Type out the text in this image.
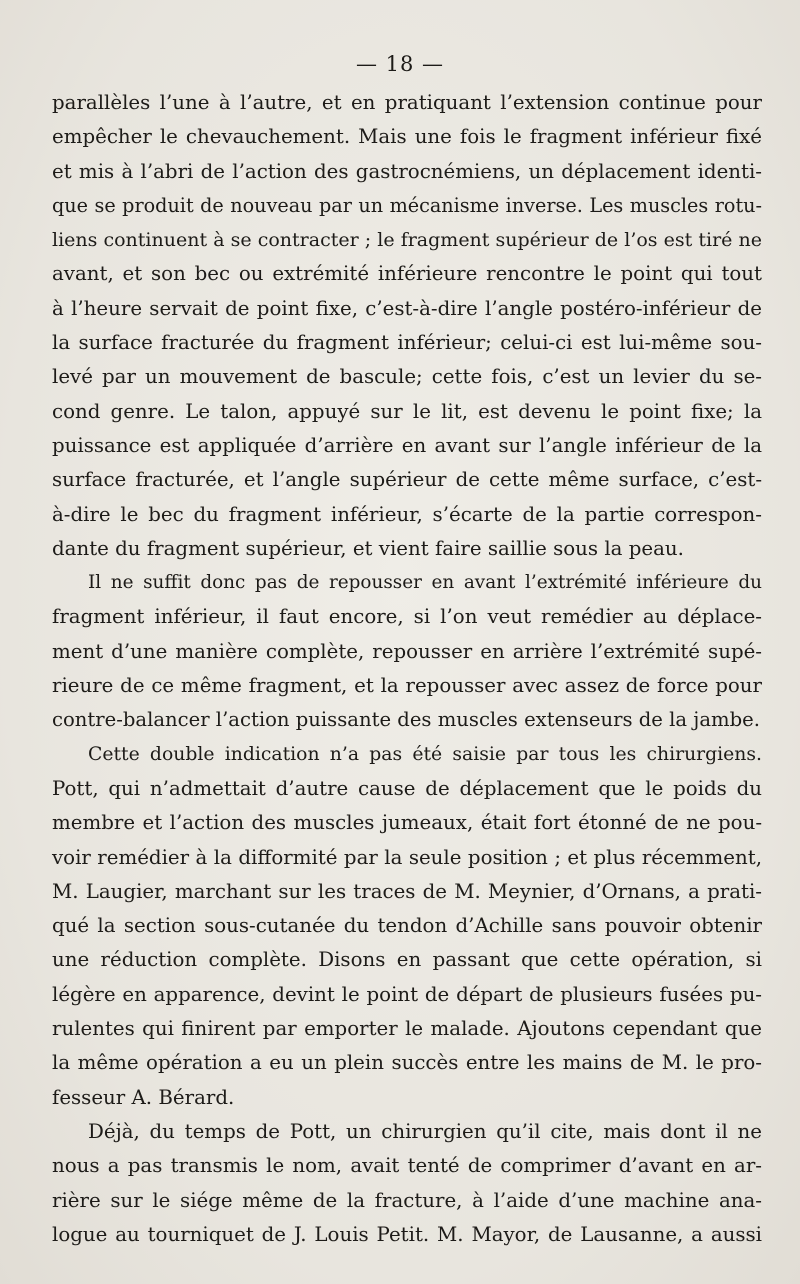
— 18 —
parallèles l’une à l’autre, et en pratiquant l’extension continue pour
empêcher le chevauchement. Mais une fois le fragment inférieur fixé
et mis à l’abri de l’action des gastrocnémiens, un déplacement identi-
que se produit de nouveau par un mécanisme inverse. Les muscles rotu-
liens continuent à se contracter ; le fragment supérieur de l’os est tiré ne
avant, et son bec ou extrémité inférieure rencontre le point qui tout
à l’heure servait de point fixe, c’est-à-dire l’angle postéro-inférieur de
la surface fracturée du fragment inférieur; celui-ci est lui-même sou-
levé par un mouvement de bascule; cette fois, c’est un levier du se-
cond genre. Le talon, appuyé sur le lit, est devenu le point fixe; la
puissance est appliquée d’arrière en avant sur l’angle inférieur de la
surface fracturée, et l’angle supérieur de cette même surface, c’est-
à-dire le bec du fragment inférieur, s’écarte de la partie correspon-
dante du fragment supérieur, et vient faire saillie sous la peau.
Il ne suffit donc pas de repousser en avant l’extrémité inférieure du
fragment inférieur, il faut encore, si l’on veut remédier au déplace-
ment d’une manière complète, repousser en arrière l’extrémité supé-
rieure de ce même fragment, et la repousser avec assez de force pour
contre-balancer l’action puissante des muscles extenseurs de la jambe.
Cette double indication n’a pas été saisie par tous les chirurgiens.
Pott, qui n’admettait d’autre cause de déplacement que le poids du
membre et l’action des muscles jumeaux, était fort étonné de ne pou-
voir remédier à la difformité par la seule position ; et plus récemment,
M. Laugier, marchant sur les traces de M. Meynier, d’Ornans, a prati-
qué la section sous-cutanée du tendon d’Achille sans pouvoir obtenir
une réduction complète. Disons en passant que cette opération, si
légère en apparence, devint le point de départ de plusieurs fusées pu-
rulentes qui finirent par emporter le malade. Ajoutons cependant que
la même opération a eu un plein succès entre les mains de M. le pro-
fesseur A. Bérard.
Déjà, du temps de Pott, un chirurgien qu’il cite, mais dont il ne
nous a pas transmis le nom, avait tenté de comprimer d’avant en ar-
rière sur le siége même de la fracture, à l’aide d’une machine ana-
logue au tourniquet de J. Louis Petit. M. Mayor, de Lausanne, a aussi
